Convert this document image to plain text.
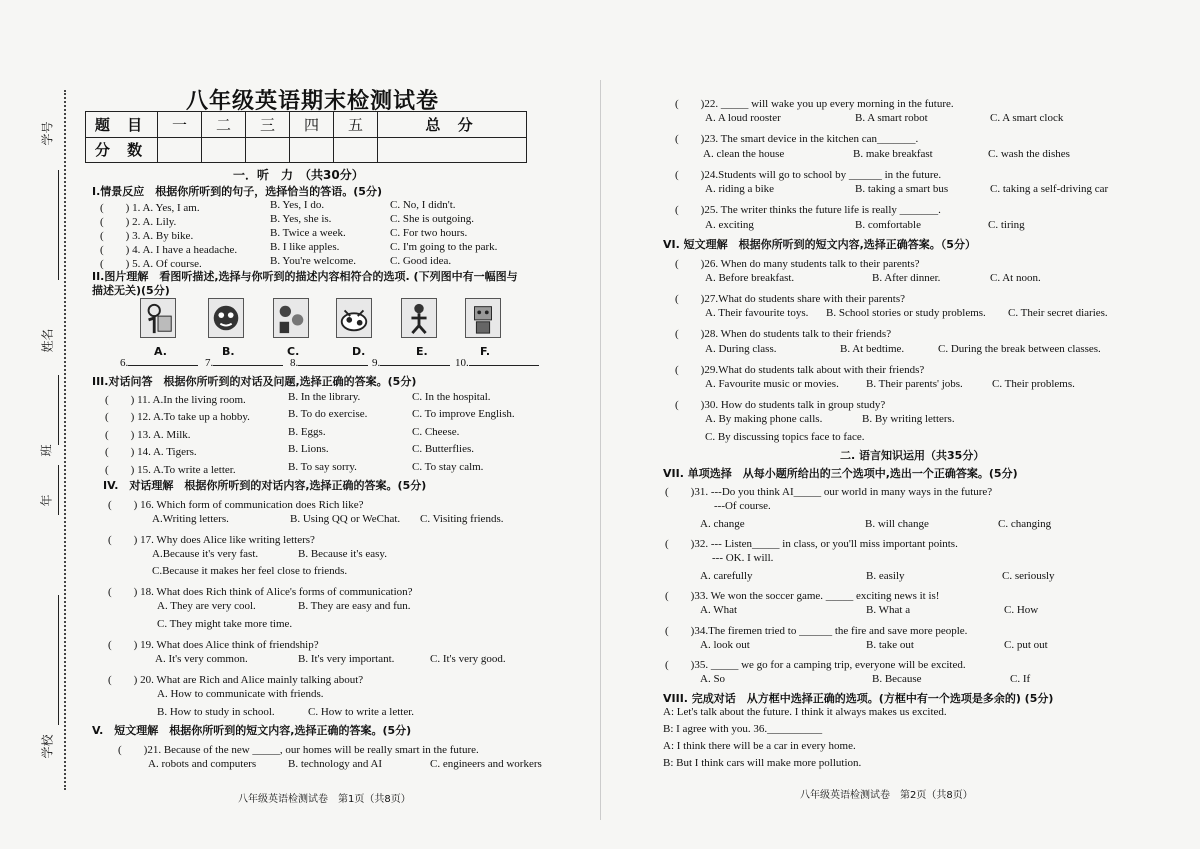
学号
姓名
班
年
学校
八年级英语期末检测试卷
题 目	一	二	三	四	五	总 分
分 数						
一．听　力　（共30分）
I.情景反应　根据你所听到的句子，选择恰当的答语。(5分)
(　　) 1. A. Yes, I am.	B. Yes, I do.	C. No, I didn't.
(　　) 2. A. Lily.	B. Yes, she is.	C. She is outgoing.
(　　) 3. A. By bike.	B. Twice a week.	C. For two hours.
(　　) 4. A. I have a headache.	B. I like apples.	C. I'm going to the park.
(　　) 5. A. Of course.	B. You're welcome.	C. Good idea.
II.图片理解　看图听描述,选择与你听到的描述内容相符合的选项. (下列图中有一幅图与
描述无关)(5分)
A.	B.	C.	D.	E.	F.
6.	7.	8.	9.	10.
III.对话问答　根据你所听到的对话及问题,选择正确的答案。(5分)
(　　) 11. A.In the living room.	B. In the library.	C. In the hospital.
(　　) 12. A.To take up a hobby.	B. To do exercise.	C. To improve English.
(　　) 13. A. Milk.	B. Eggs.	C. Cheese.
(　　) 14. A. Tigers.	B. Lions.	C. Butterflies.
(　　) 15. A.To write a letter.	B. To say sorry.	C. To stay calm.
IV.　对话理解　根据你所听到的对话内容,选择正确的答案。(5分)
(　　) 16. Which form of communication does Rich like?
A.Writing letters.	B. Using QQ or WeChat. C. Visiting friends.
(　　) 17. Why does Alice like writing letters?
A.Because it's very fast.	B. Because it's easy.
C.Because it makes her feel close to friends.
(　　) 18. What does Rich think of Alice's forms of communication?
A. They are very cool.	B. They are easy and fun.
C. They might take more time.
(　　) 19. What does Alice think of friendship?
A. It's very common.	B. It's very important.	C. It's very good.
(　　) 20. What are Rich and Alice mainly talking about?
A. How to communicate with friends.
B. How to study in school.	C. How to write a letter.
V.　短文理解　根据你所听到的短文内容,选择正确的答案。(5分)
(　　)21. Because of the new _____, our homes will be really smart in the future.
A. robots and computers	B. technology and AI	C. engineers and workers
八年级英语检测试卷　第1页（共8页）
(　　)22. _____ will wake you up every morning in the future.
A. A loud rooster	B. A smart robot	C. A smart clock
(　　)23. The smart device in the kitchen can_______.
A. clean the house	B. make breakfast	C. wash the dishes
(　　)24.Students will go to school by ______ in the future.
A. riding a bike	B. taking a smart bus	C. taking a self-driving car
(　　)25. The writer thinks the future life is really _______.
A. exciting	B. comfortable	C. tiring
VI. 短文理解　根据你所听到的短文内容,选择正确答案。（5分）
(　　)26. When do many students talk to their parents?
A. Before breakfast.	B. After dinner.	C. At noon.
(　　)27.What do students share with their parents?
A. Their favourite toys. B. School stories or study problems. C. Their secret diaries.
(　　)28. When do students talk to their friends?
A. During class.	B. At bedtime.	C. During the break between classes.
(　　)29.What do students talk about with their friends?
A. Favourite music or movies. B. Their parents' jobs.	C. Their problems.
(　　)30. How do students talk in group study?
A. By making phone calls.	B. By writing letters.
C. By discussing topics face to face.
二. 语言知识运用（共35分）
VII. 单项选择　从每小题所给出的三个选项中,选出一个正确答案。(5分)
(　　)31. ---Do you think AI_____ our world in many ways in the future?
---Of course.
A. change	B. will change	C. changing
(　　)32. --- Listen_____ in class, or you'll miss important points.
--- OK. I will.
A. carefully	B. easily	C. seriously
(　　)33. We won the soccer game. _____ exciting news it is!
A. What	B. What a	C. How
(　　)34.The firemen tried to ______ the fire and save more people.
A. look out	B. take out	C. put out
(　　)35. _____ we go for a camping trip, everyone will be excited.
A. So	B. Because	C. If
VIII. 完成对话　从方框中选择正确的选项。(方框中有一个选项是多余的) (5分)
A: Let's talk about the future. I think it always makes us excited.
B: I agree with you. 36.__________
A: I think there will be a car in every home.
B: But I think cars will make more pollution.
八年级英语检测试卷　第2页（共8页）
